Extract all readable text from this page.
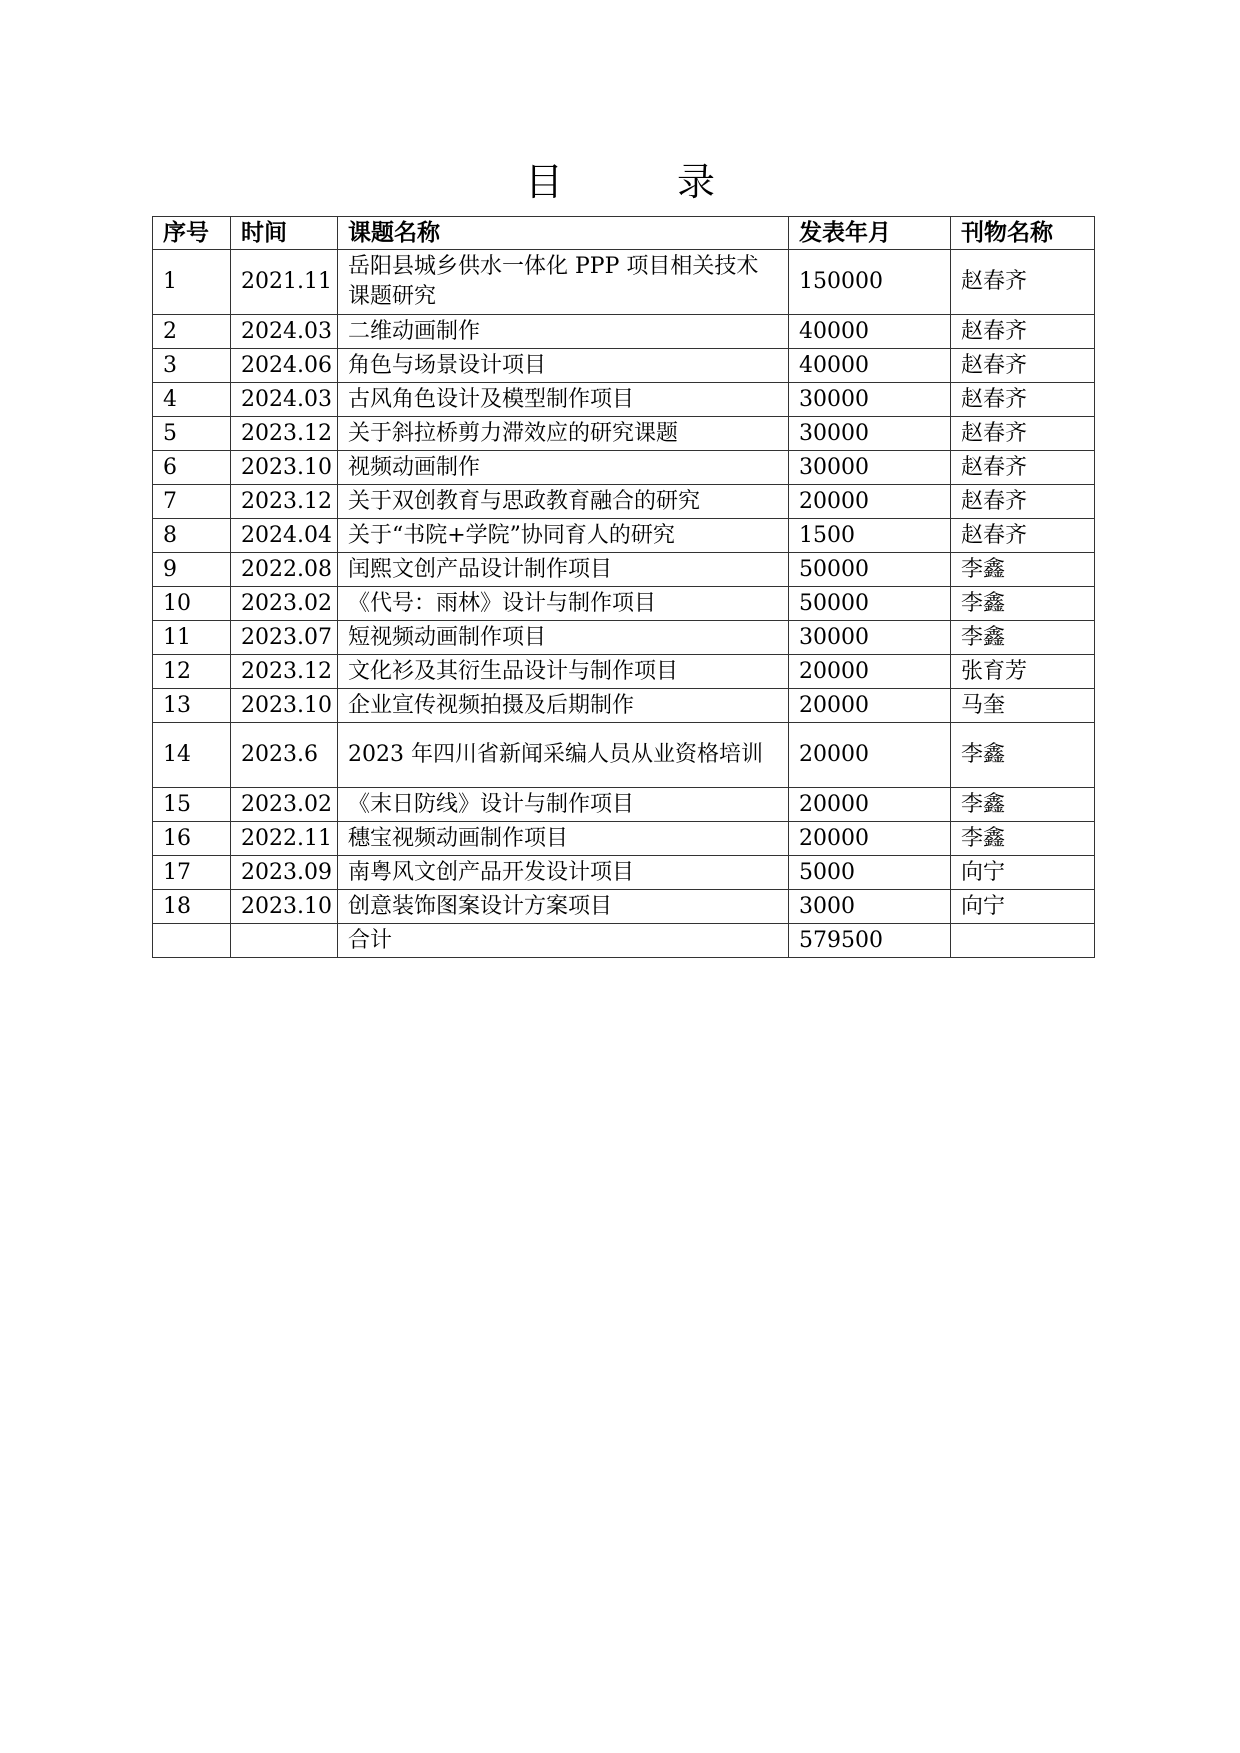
目　录
序号	时间	课题名称	发表年月	刊物名称
1	2021.11	岳阳县城乡供水一体化 PPP 项目相关技术课题研究	150000	赵春齐
2	2024.03	二维动画制作	40000	赵春齐
3	2024.06	角色与场景设计项目	40000	赵春齐
4	2024.03	古风角色设计及模型制作项目	30000	赵春齐
5	2023.12	关于斜拉桥剪力滞效应的研究课题	30000	赵春齐
6	2023.10	视频动画制作	30000	赵春齐
7	2023.12	关于双创教育与思政教育融合的研究	20000	赵春齐
8	2024.04	关于“书院+学院”协同育人的研究	1500	赵春齐
9	2022.08	闰熙文创产品设计制作项目	50000	李鑫
10	2023.02	《代号：雨林》设计与制作项目	50000	李鑫
11	2023.07	短视频动画制作项目	30000	李鑫
12	2023.12	文化衫及其衍生品设计与制作项目	20000	张育芳
13	2023.10	企业宣传视频拍摄及后期制作	20000	马奎
14	2023.6	2023 年四川省新闻采编人员从业资格培训	20000	李鑫
15	2023.02	《末日防线》设计与制作项目	20000	李鑫
16	2022.11	穗宝视频动画制作项目	20000	李鑫
17	2023.09	南粤风文创产品开发设计项目	5000	向宁
18	2023.10	创意装饰图案设计方案项目	3000	向宁
		合计	579500	
